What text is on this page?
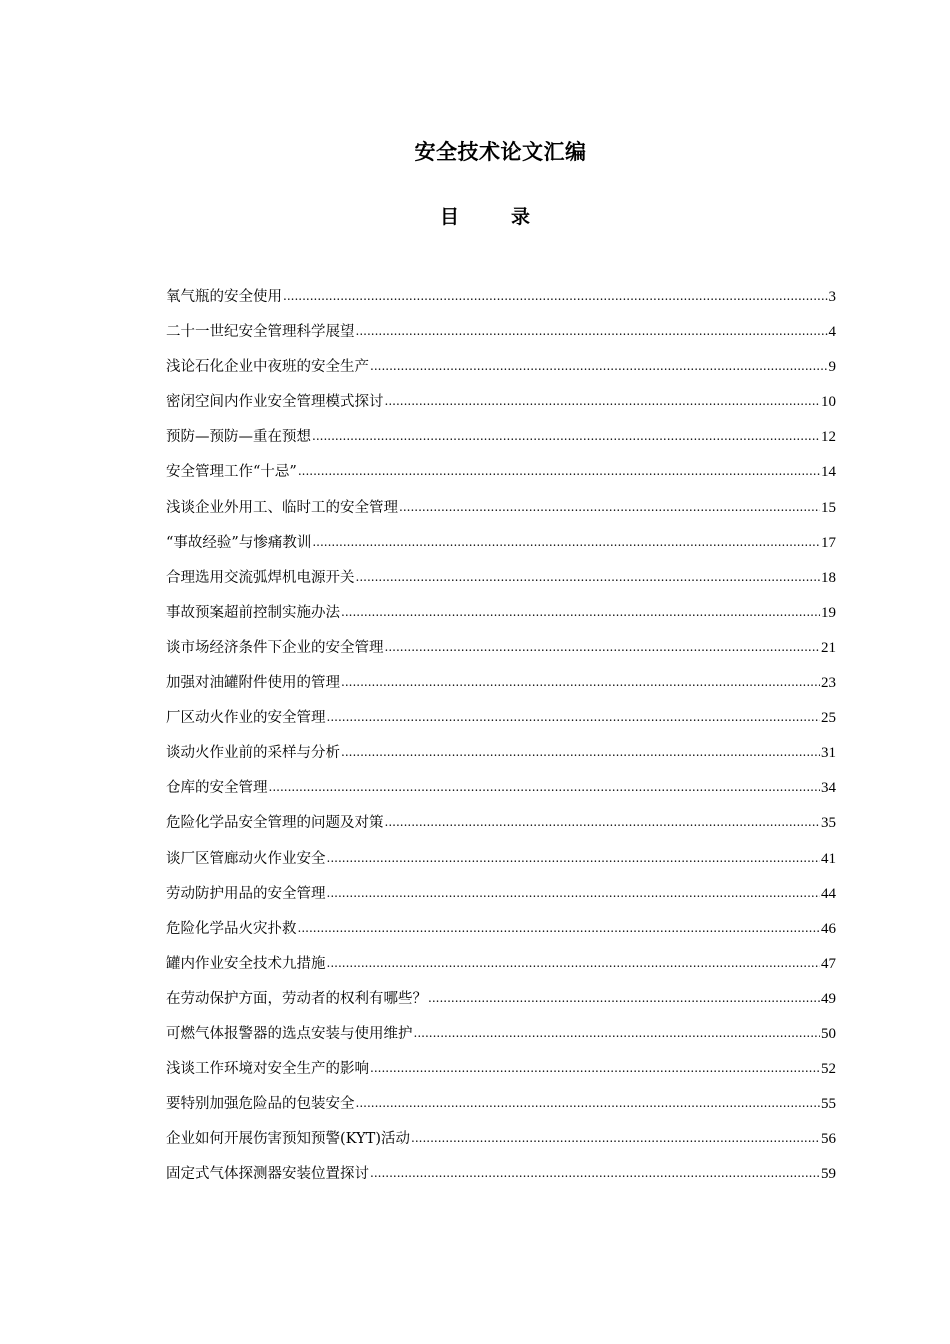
安全技术论文汇编
目	录
氧气瓶的安全使用 .....	3
二十一世纪安全管理科学展望 .....	4
浅论石化企业中夜班的安全生产 .....	9
密闭空间内作业安全管理模式探讨 .....	10
预防—预防—重在预想 .....	12
安全管理工作“十忌” .....	14
浅谈企业外用工、临时工的安全管理 .....	15
“事故经验”与惨痛教训 .....	17
合理选用交流弧焊机电源开关 .....	18
事故预案超前控制实施办法 .....	19
谈市场经济条件下企业的安全管理 .....	21
加强对油罐附件使用的管理 .....	23
厂区动火作业的安全管理 .....	25
谈动火作业前的采样与分析 .....	31
仓库的安全管理 .....	34
危险化学品安全管理的问题及对策 .....	35
谈厂区管廊动火作业安全 .....	41
劳动防护用品的安全管理 .....	44
危险化学品火灾扑救 .....	46
罐内作业安全技术九措施 .....	47
在劳动保护方面，劳动者的权利有哪些？ .....	49
可燃气体报警器的选点安装与使用维护 .....	50
浅谈工作环境对安全生产的影响 .....	52
要特别加强危险品的包装安全 .....	55
企业如何开展伤害预知预警(KYT)活动 .....	56
固定式气体探测器安装位置探讨 .....	59
